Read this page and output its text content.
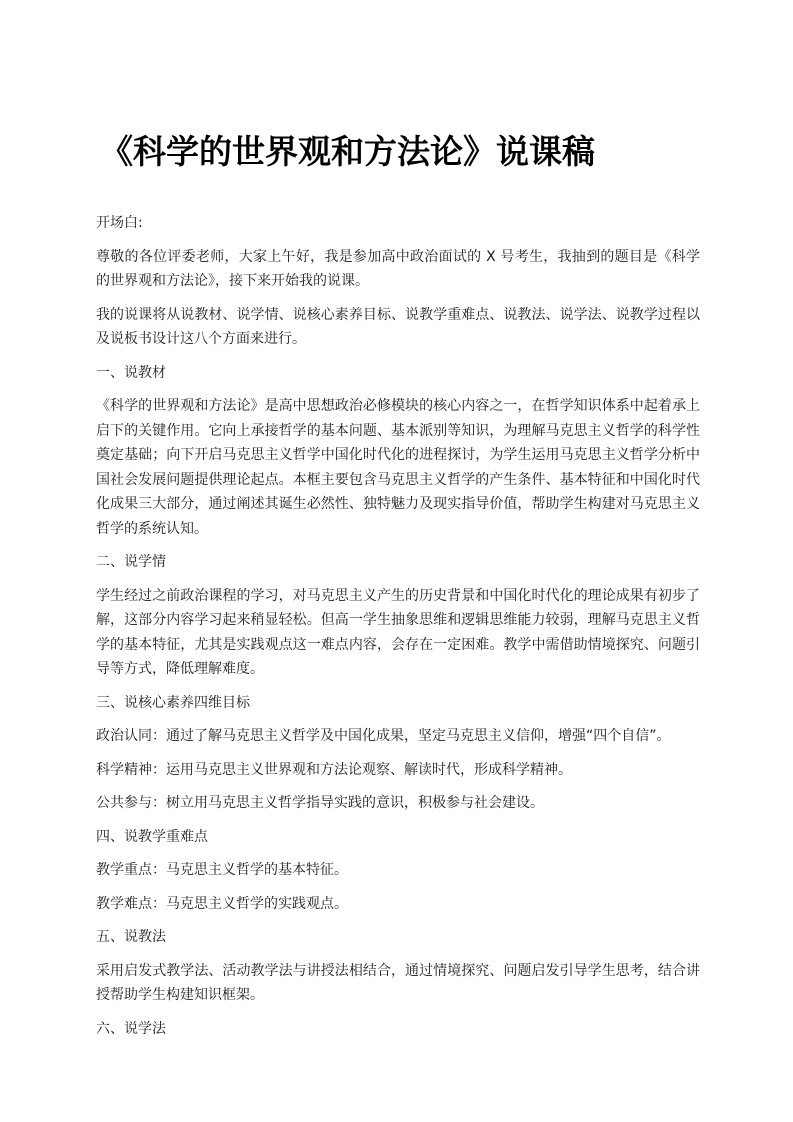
《科学的世界观和方法论》说课稿
开场白:
尊敬的各位评委老师，大家上午好，我是参加高中政治面试的 X 号考生，我抽到的题目是《科学的世界观和方法论》，接下来开始我的说课。
我的说课将从说教材、说学情、说核心素养目标、说教学重难点、说教法、说学法、说教学过程以及说板书设计这八个方面来进行。
一、说教材
《科学的世界观和方法论》是高中思想政治必修模块的核心内容之一，在哲学知识体系中起着承上启下的关键作用。它向上承接哲学的基本问题、基本派别等知识，为理解马克思主义哲学的科学性奠定基础；向下开启马克思主义哲学中国化时代化的进程探讨，为学生运用马克思主义哲学分析中国社会发展问题提供理论起点。本框主要包含马克思主义哲学的产生条件、基本特征和中国化时代化成果三大部分，通过阐述其诞生必然性、独特魅力及现实指导价值，帮助学生构建对马克思主义哲学的系统认知。
二、说学情
学生经过之前政治课程的学习，对马克思主义产生的历史背景和中国化时代化的理论成果有初步了解，这部分内容学习起来稍显轻松。但高一学生抽象思维和逻辑思维能力较弱，理解马克思主义哲学的基本特征，尤其是实践观点这一难点内容，会存在一定困难。教学中需借助情境探究、问题引导等方式，降低理解难度。
三、说核心素养四维目标
政治认同：通过了解马克思主义哲学及中国化成果，坚定马克思主义信仰，增强“四个自信”。
科学精神：运用马克思主义世界观和方法论观察、解读时代，形成科学精神。
公共参与：树立用马克思主义哲学指导实践的意识，积极参与社会建设。
四、说教学重难点
教学重点：马克思主义哲学的基本特征。
教学难点：马克思主义哲学的实践观点。
五、说教法
采用启发式教学法、活动教学法与讲授法相结合，通过情境探究、问题启发引导学生思考，结合讲授帮助学生构建知识框架。
六、说学法
